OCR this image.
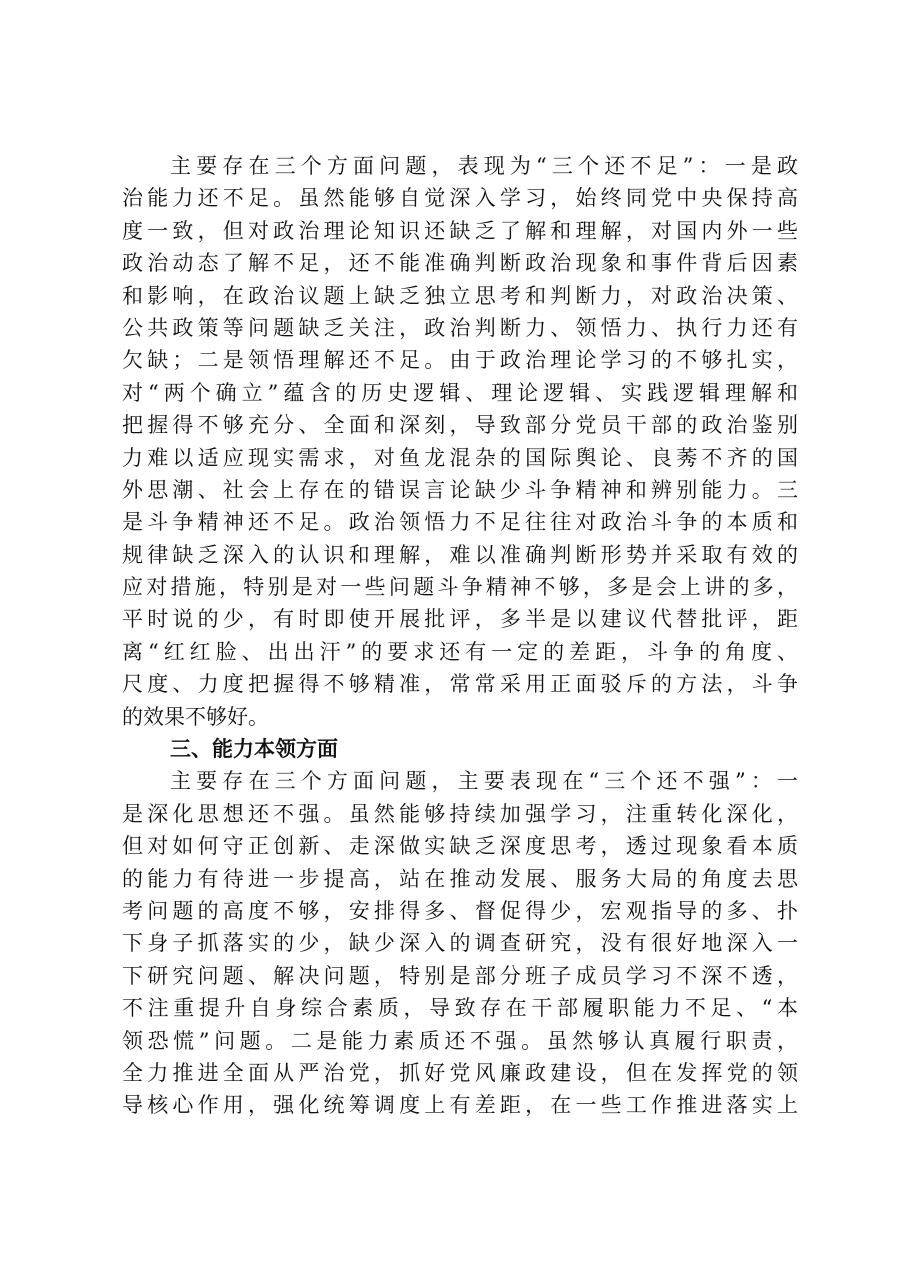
主要存在三个方面问题，表现为“三个还不足”：一是政
治能力还不足。虽然能够自觉深入学习，始终同党中央保持高
度一致，但对政治理论知识还缺乏了解和理解，对国内外一些
政治动态了解不足，还不能准确判断政治现象和事件背后因素
和影响，在政治议题上缺乏独立思考和判断力，对政治决策、
公共政策等问题缺乏关注，政治判断力、领悟力、执行力还有
欠缺；二是领悟理解还不足。由于政治理论学习的不够扎实，
对“两个确立”蕴含的历史逻辑、理论逻辑、实践逻辑理解和
把握得不够充分、全面和深刻，导致部分党员干部的政治鉴别
力难以适应现实需求，对鱼龙混杂的国际舆论、良莠不齐的国
外思潮、社会上存在的错误言论缺少斗争精神和辨别能力。三
是斗争精神还不足。政治领悟力不足往往对政治斗争的本质和
规律缺乏深入的认识和理解，难以准确判断形势并采取有效的
应对措施，特别是对一些问题斗争精神不够，多是会上讲的多，
平时说的少，有时即使开展批评，多半是以建议代替批评，距
离“红红脸、出出汗”的要求还有一定的差距，斗争的角度、
尺度、力度把握得不够精准，常常采用正面驳斥的方法，斗争
的效果不够好。
三、能力本领方面
主要存在三个方面问题，主要表现在“三个还不强”：一
是深化思想还不强。虽然能够持续加强学习，注重转化深化，
但对如何守正创新、走深做实缺乏深度思考，透过现象看本质
的能力有待进一步提高，站在推动发展、服务大局的角度去思
考问题的高度不够，安排得多、督促得少，宏观指导的多、扑
下身子抓落实的少，缺少深入的调查研究，没有很好地深入一
下研究问题、解决问题，特别是部分班子成员学习不深不透，
不注重提升自身综合素质，导致存在干部履职能力不足、“本
领恐慌”问题。二是能力素质还不强。虽然够认真履行职责，
全力推进全面从严治党，抓好党风廉政建设，但在发挥党的领
导核心作用，强化统筹调度上有差距，在一些工作推进落实上
